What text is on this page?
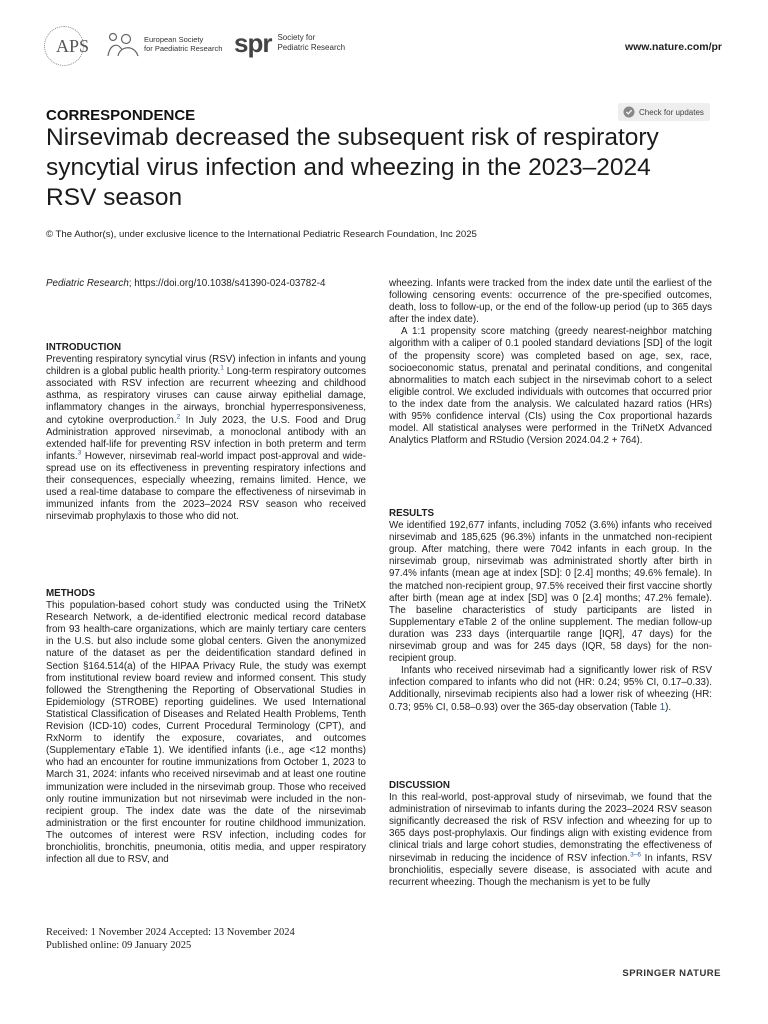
APS	European Society
for Paediatric Research spr Society for
Pediatric Research	www.nature.com/pr
CORRESPONDENCE	Check for updates
Nirsevimab decreased the subsequent risk of respiratory syncytial virus infection and wheezing in the 2023–2024 RSV season
© The Author(s), under exclusive licence to the International Pediatric Research Foundation, Inc 2025
Pediatric Research; https://doi.org/10.1038/s41390-024-03782-4
INTRODUCTION

Preventing respiratory syncytial virus (RSV) infection in infants and young children is a global public health priority.$^1$ Long-term respiratory outcomes associated with RSV infection are recurrent wheezing and childhood asthma, as respiratory viruses can cause airway epithelial damage, inflammatory changes in the airways, bronchial hyperresponsiveness, and cytokine overproduction.$^2$ In July 2023, the U.S. Food and Drug Administration approved nirsevimab, a monoclonal antibody with an extended half-life for preventing RSV infection in both preterm and term infants.$^3$ However, nirsevimab real-world impact post-approval and wide-spread use on its effectiveness in preventing respiratory infections and their consequences, especially wheezing, remains limited. Hence, we used a real-time database to compare the effectiveness of nirsevimab in immunized infants from the 2023–2024 RSV season who received nirsevimab prophylaxis to those who did not.

METHODS

This population-based cohort study was conducted using the TriNetX Research Network, a de-identified electronic medical record database from 93 health-care organizations, which are mainly tertiary care centers in the U.S. but also include some global centers. Given the anonymized nature of the dataset as per the deidentification standard defined in Section §164.514(a) of the HIPAA Privacy Rule, the study was exempt from institutional review board review and informed consent. This study followed the Strengthening the Reporting of Observational Studies in Epidemiology (STROBE) reporting guidelines. We used International Statistical Classification of Diseases and Related Health Problems, Tenth Revision (ICD-10) codes, Current Procedural Terminology (CPT), and RxNorm to identify the exposure, covariates, and outcomes (Supplementary eTable 1). We identified infants (i.e., age <12 months) who had an encounter for routine immunizations from October 1, 2023 to March 31, 2024: infants who received nirsevimab and at least one routine immunization were included in the nirsevimab group. Those who received only routine immunization but not nirsevimab were included in the non-recipient group. The index date was the date of the nirsevimab administration or the first encounter for routine childhood immunization. The outcomes of interest were RSV infection, including codes for bronchiolitis, bronchitis, pneumonia, otitis media, and upper respiratory infection all due to RSV, and

wheezing. Infants were tracked from the index date until the earliest of the following censoring events: occurrence of the pre-specified outcomes, death, loss to follow-up, or the end of the follow-up period (up to 365 days after the index date).

A 1:1 propensity score matching (greedy nearest-neighbor matching algorithm with a caliper of 0.1 pooled standard deviations [SD] of the logit of the propensity score) was completed based on age, sex, race, socioeconomic status, prenatal and perinatal conditions, and congenital abnormalities to match each subject in the nirsevimab cohort to a select eligible control. We excluded individuals with outcomes that occurred prior to the index date from the analysis. We calculated hazard ratios (HRs) with 95% confidence interval (CIs) using the Cox proportional hazards model. All statistical analyses were performed in the TriNetX Advanced Analytics Platform and RStudio (Version 2024.04.2 + 764).

RESULTS

We identified 192,677 infants, including 7052 (3.6%) infants who received nirsevimab and 185,625 (96.3%) infants in the unmatched non-recipient group. After matching, there were 7042 infants in each group. In the nirsevimab group, nirsevimab was administrated shortly after birth in 97.4% infants (mean age at index [SD]: 0 [2.4] months; 49.6% female). In the matched non-recipient group, 97.5% received their first vaccine shortly after birth (mean age at index [SD] was 0 [2.4] months; 47.2% female). The baseline characteristics of study participants are listed in Supplementary eTable 2 of the online supplement. The median follow-up duration was 233 days (interquartile range [IQR], 47 days) for the nirsevimab group and was for 245 days (IQR, 58 days) for the non-recipient group.

Infants who received nirsevimab had a significantly lower risk of RSV infection compared to infants who did not (HR: 0.24; 95% CI, 0.17–0.33). Additionally, nirsevimab recipients also had a lower risk of wheezing (HR: 0.73; 95% CI, 0.58–0.93) over the 365-day observation (Table 1).

DISCUSSION

In this real-world, post-approval study of nirsevimab, we found that the administration of nirsevimab to infants during the 2023–2024 RSV season significantly decreased the risk of RSV infection and wheezing for up to 365 days post-prophylaxis. Our findings align with existing evidence from clinical trials and large cohort studies, demonstrating the effectiveness of nirsevimab in reducing the incidence of RSV infection.$^{3-6}$ In infants, RSV bronchiolitis, especially severe disease, is associated with acute and recurrent wheezing. Though the mechanism is yet to be fully

Received: 1 November 2024 Accepted: 13 November 2024
Published online: 09 January 2025
SPRINGER NATURE
